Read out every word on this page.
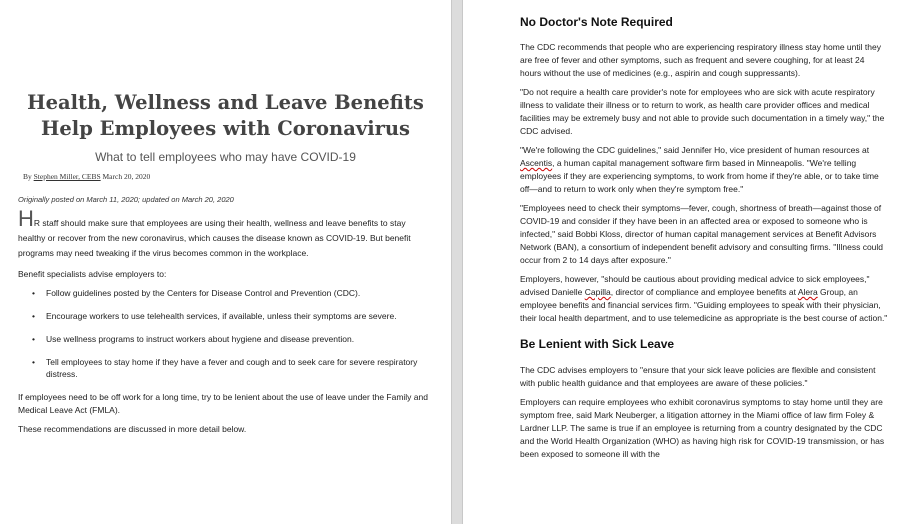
Health, Wellness and Leave Benefits Help Employees with Coronavirus
What to tell employees who may have COVID-19
By Stephen Miller, CEBS March 20, 2020
Originally posted on March 11, 2020; updated on March 20, 2020
HR staff should make sure that employees are using their health, wellness and leave benefits to stay healthy or recover from the new coronavirus, which causes the disease known as COVID-19. But benefit programs may need tweaking if the virus becomes common in the workplace.

Benefit specialists advise employers to:

• Follow guidelines posted by the Centers for Disease Control and Prevention (CDC).
• Encourage workers to use telehealth services, if available, unless their symptoms are severe.
• Use wellness programs to instruct workers about hygiene and disease prevention.
• Tell employees to stay home if they have a fever and cough and to seek care for severe respiratory distress.

If employees need to be off work for a long time, try to be lenient about the use of leave under the Family and Medical Leave Act (FMLA).

These recommendations are discussed in more detail below.

No Doctor's Note Required

The CDC recommends that people who are experiencing respiratory illness stay home until they are free of fever and other symptoms, such as frequent and severe coughing, for at least 24 hours without the use of medicines (e.g., aspirin and cough suppressants).

"Do not require a health care provider's note for employees who are sick with acute respiratory illness to validate their illness or to return to work, as health care provider offices and medical facilities may be extremely busy and not able to provide such documentation in a timely way," the CDC advised.

"We're following the CDC guidelines," said Jennifer Ho, vice president of human resources at Ascentis, a human capital management software firm based in Minneapolis. "We're telling employees if they are experiencing symptoms, to work from home if they're able, or to take time off—and to return to work only when they're symptom free."

"Employees need to check their symptoms—fever, cough, shortness of breath—against those of COVID-19 and consider if they have been in an affected area or exposed to someone who is infected," said Bobbi Kloss, director of human capital management services at Benefit Advisors Network (BAN), a consortium of independent benefit advisory and consulting firms. "Illness could occur from 2 to 14 days after exposure."

Employers, however, "should be cautious about providing medical advice to sick employees," advised Danielle Capilla, director of compliance and employee benefits at Alera Group, an employee benefits and financial services firm. "Guiding employees to speak with their physician, their local health department, and to use telemedicine as appropriate is the best course of action."

Be Lenient with Sick Leave

The CDC advises employers to "ensure that your sick leave policies are flexible and consistent with public health guidance and that employees are aware of these policies."

Employers can require employees who exhibit coronavirus symptoms to stay home until they are symptom free, said Mark Neuberger, a litigation attorney in the Miami office of law firm Foley & Lardner LLP. The same is true if an employee is returning from a country designated by the CDC and the World Health Organization (WHO) as having high risk for COVID-19 transmission, or has been exposed to someone ill with the
